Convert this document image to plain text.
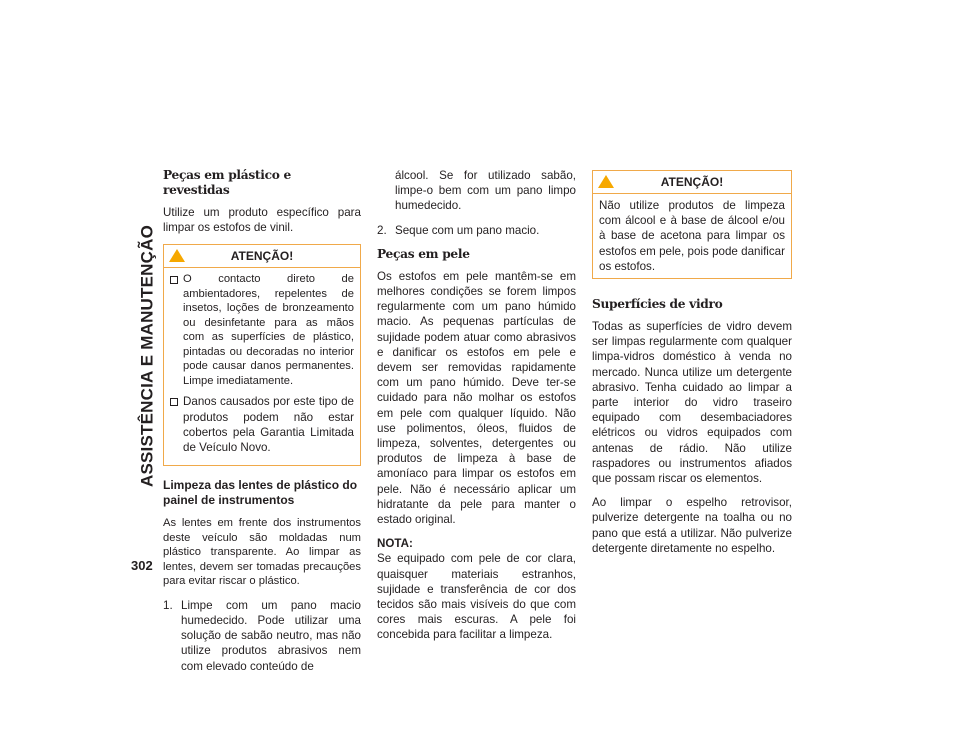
ASSISTÊNCIA E MANUTENÇÃO
302
Peças em plástico e revestidas

Utilize um produto específico para limpar os estofos de vinil.

ATENÇÃO!
O contacto direto de ambientadores, repelentes de insetos, loções de bronzeamento ou desinfetante para as mãos com as superfícies de plástico, pintadas ou decoradas no interior pode causar danos permanentes. Limpe imediatamente.
Danos causados por este tipo de produtos podem não estar cobertos pela Garantia Limitada de Veículo Novo.
Limpeza das lentes de plástico do painel de instrumentos

As lentes em frente dos instrumentos deste veículo são moldadas num plástico transparente. Ao limpar as lentes, devem ser tomadas precauções para evitar riscar o plástico.

1. Limpe com um pano macio humedecido. Pode utilizar uma solução de sabão neutro, mas não utilize produtos abrasivos nem com elevado conteúdo de

álcool. Se for utilizado sabão, limpe-o bem com um pano limpo humedecido.

2. Seque com um pano macio.
Peças em pele

Os estofos em pele mantêm-se em melhores condições se forem limpos regularmente com um pano húmido macio. As pequenas partículas de sujidade podem atuar como abrasivos e danificar os estofos em pele e devem ser removidas rapidamente com um pano húmido. Deve ter-se cuidado para não molhar os estofos em pele com qualquer líquido. Não use polimentos, óleos, fluidos de limpeza, solventes, detergentes ou produtos de limpeza à base de amoníaco para limpar os estofos em pele. Não é necessário aplicar um hidratante da pele para manter o estado original.

NOTA:
Se equipado com pele de cor clara, quaisquer materiais estranhos, sujidade e transferência de cor dos tecidos são mais visíveis do que com cores mais escuras. A pele foi concebida para facilitar a limpeza.

ATENÇÃO!

Não utilize produtos de limpeza com álcool e à base de álcool e/ou à base de acetona para limpar os estofos em pele, pois pode danificar os estofos.

Superfícies de vidro

Todas as superfícies de vidro devem ser limpas regularmente com qualquer limpa-vidros doméstico à venda no mercado. Nunca utilize um detergente abrasivo. Tenha cuidado ao limpar a parte interior do vidro traseiro equipado com desembaciadores elétricos ou vidros equipados com antenas de rádio. Não utilize raspadores ou instrumentos afiados que possam riscar os elementos.

Ao limpar o espelho retrovisor, pulverize detergente na toalha ou no pano que está a utilizar. Não pulverize detergente diretamente no espelho.
